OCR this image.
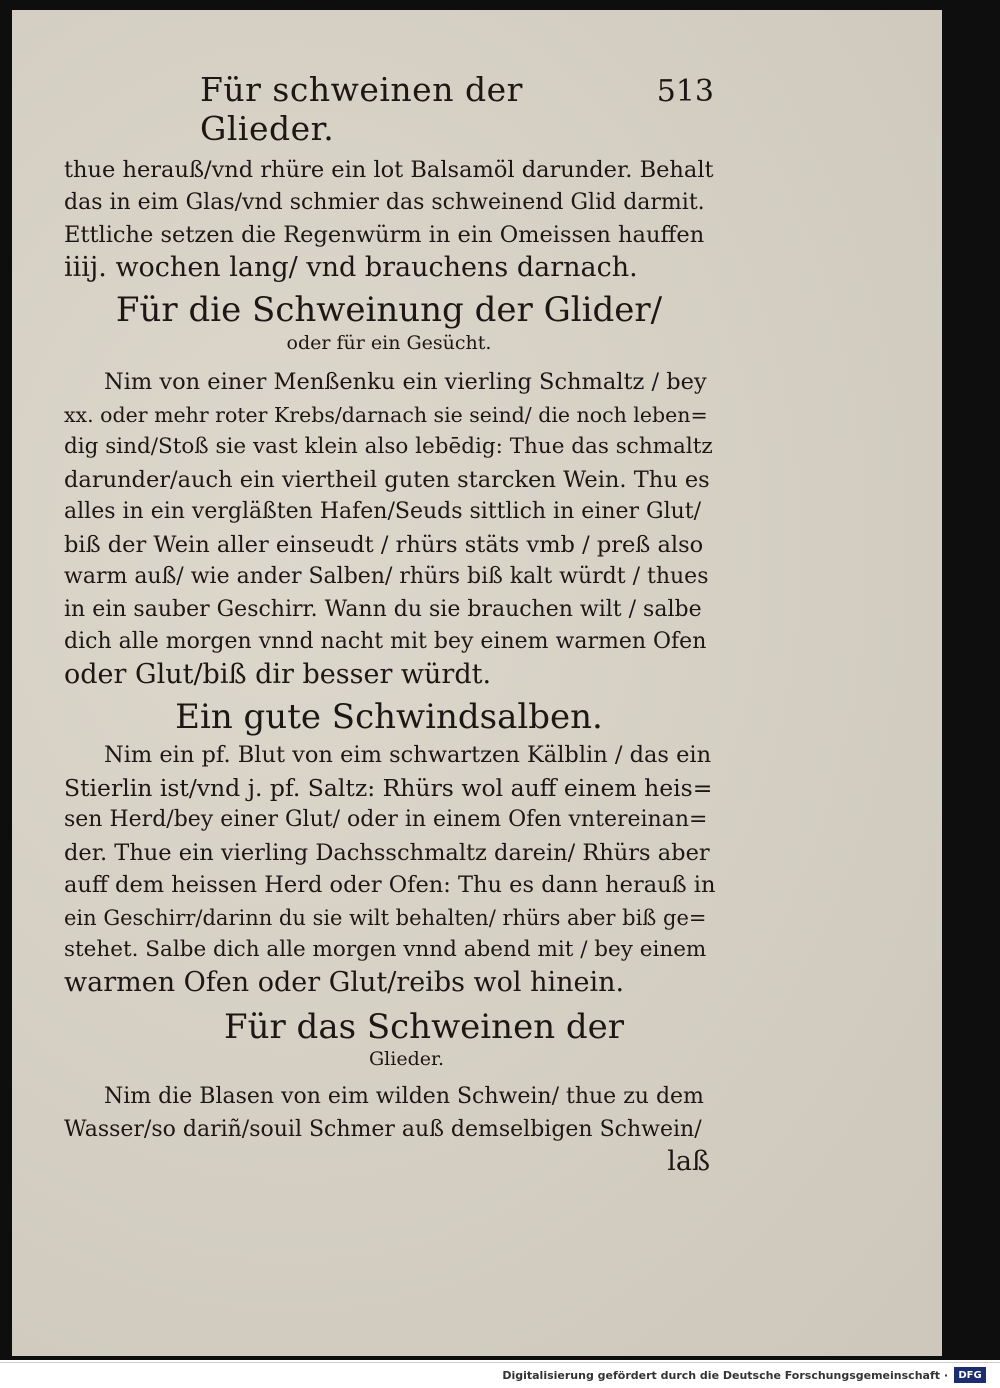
Für schweinen der Glieder.
513
thue herauß/vnd rhüre ein lot Balsamöl darunder. Behalt
das in eim Glas/vnd schmier das schweinend Glid darmit.
Ettliche setzen die Regenwürm in ein Omeissen hauffen
iiij. wochen lang/ vnd brauchens darnach.
Für die Schweinung der Glider/
oder für ein Gesücht.
Nim von einer Menßenku ein vierling Schmaltz / bey
xx. oder mehr roter Krebs/darnach sie seind/ die noch leben=
dig sind/Stoß sie vast klein also lebēdig: Thue das schmaltz
darunder/auch ein viertheil guten starcken Wein. Thu es
alles in ein vergläßten Hafen/Seuds sittlich in einer Glut/
biß der Wein aller einseudt / rhürs stäts vmb / preß also
warm auß/ wie ander Salben/ rhürs biß kalt würdt / thues
in ein sauber Geschirr. Wann du sie brauchen wilt / salbe
dich alle morgen vnnd nacht mit bey einem warmen Ofen
oder Glut/biß dir besser würdt.
Ein gute Schwindsalben.
Nim ein pf. Blut von eim schwartzen Kälblin / das ein
Stierlin ist/vnd j. pf. Saltz: Rhürs wol auff einem heis=
sen Herd/bey einer Glut/ oder in einem Ofen vntereinan=
der. Thue ein vierling Dachsschmaltz darein/ Rhürs aber
auff dem heissen Herd oder Ofen: Thu es dann herauß in
ein Geschirr/darinn du sie wilt behalten/ rhürs aber biß ge=
stehet. Salbe dich alle morgen vnnd abend mit / bey einem
warmen Ofen oder Glut/reibs wol hinein.
Für das Schweinen der
Glieder.
Nim die Blasen von eim wilden Schwein/ thue zu dem
Wasser/so dariñ/souil Schmer auß demselbigen Schwein/
laß
Digitalisierung gefördert durch die Deutsche Forschungsgemeinschaft ·	DFG
